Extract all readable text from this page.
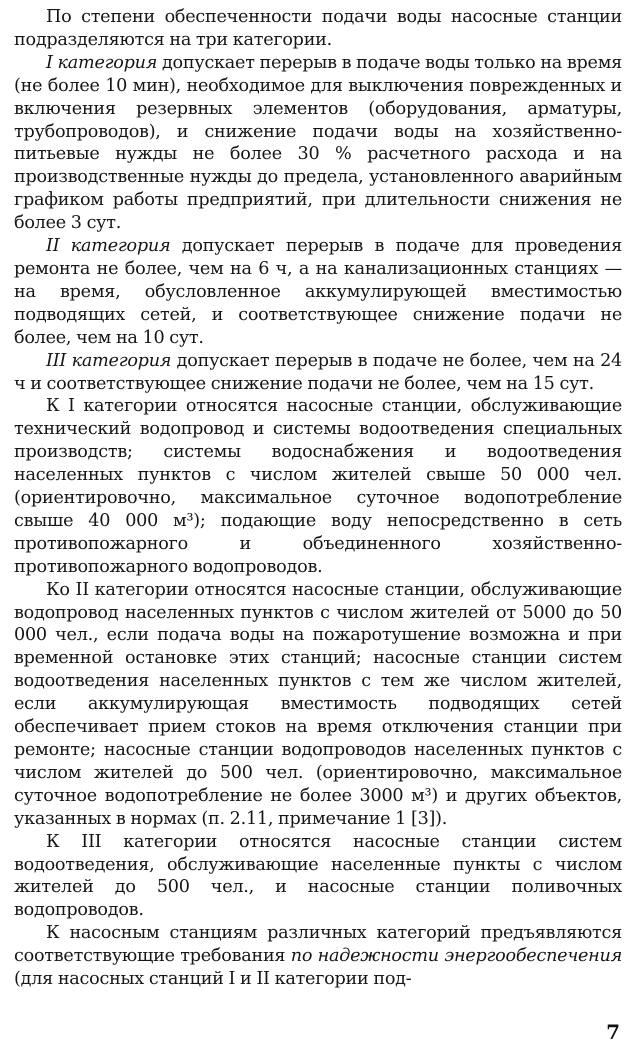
По степени обеспеченности подачи воды насосные станции подразделяются на три категории.

I категория допускает перерыв в подаче воды только на время (не более 10 мин), необходимое для выключения поврежденных и включения резервных элементов (оборудования, арматуры, трубопроводов), и снижение подачи воды на хозяйственно-питьевые нужды не более 30 % расчетного расхода и на производственные нужды до предела, установленного аварийным графиком работы предприятий, при длительности снижения не более 3 сут.

II категория допускает перерыв в подаче для проведения ремонта не более, чем на 6 ч, а на канализационных станциях — на время, обусловленное аккумулирующей вместимостью подводящих сетей, и соответствующее снижение подачи не более, чем на 10 сут.

III категория допускает перерыв в подаче не более, чем на 24 ч и соответствующее снижение подачи не более, чем на 15 сут.

К I категории относятся насосные станции, обслуживающие технический водопровод и системы водоотведения специальных производств; системы водоснабжения и водоотведения населенных пунктов с числом жителей свыше 50 000 чел. (ориентировочно, максимальное суточное водопотребление свыше 40 000 м³); подающие воду непосредственно в сеть противопожарного и объединенного хозяйственно-противопожарного водопроводов.

Ко II категории относятся насосные станции, обслуживающие водопровод населенных пунктов с числом жителей от 5000 до 50 000 чел., если подача воды на пожаротушение возможна и при временной остановке этих станций; насосные станции систем водоотведения населенных пунктов с тем же числом жителей, если аккумулирующая вместимость подводящих сетей обеспечивает прием стоков на время отключения станции при ремонте; насосные станции водопроводов населенных пунктов с числом жителей до 500 чел. (ориентировочно, максимальное суточное водопотребление не более 3000 м³) и других объектов, указанных в нормах (п. 2.11, примечание 1 [3]).

К III категории относятся насосные станции систем водоотведения, обслуживающие населенные пункты с числом жителей до 500 чел., и насосные станции поливочных водопроводов.

К насосным станциям различных категорий предъявляются соответствующие требования по надежности энергообеспечения (для насосных станций I и II категории под-

7
